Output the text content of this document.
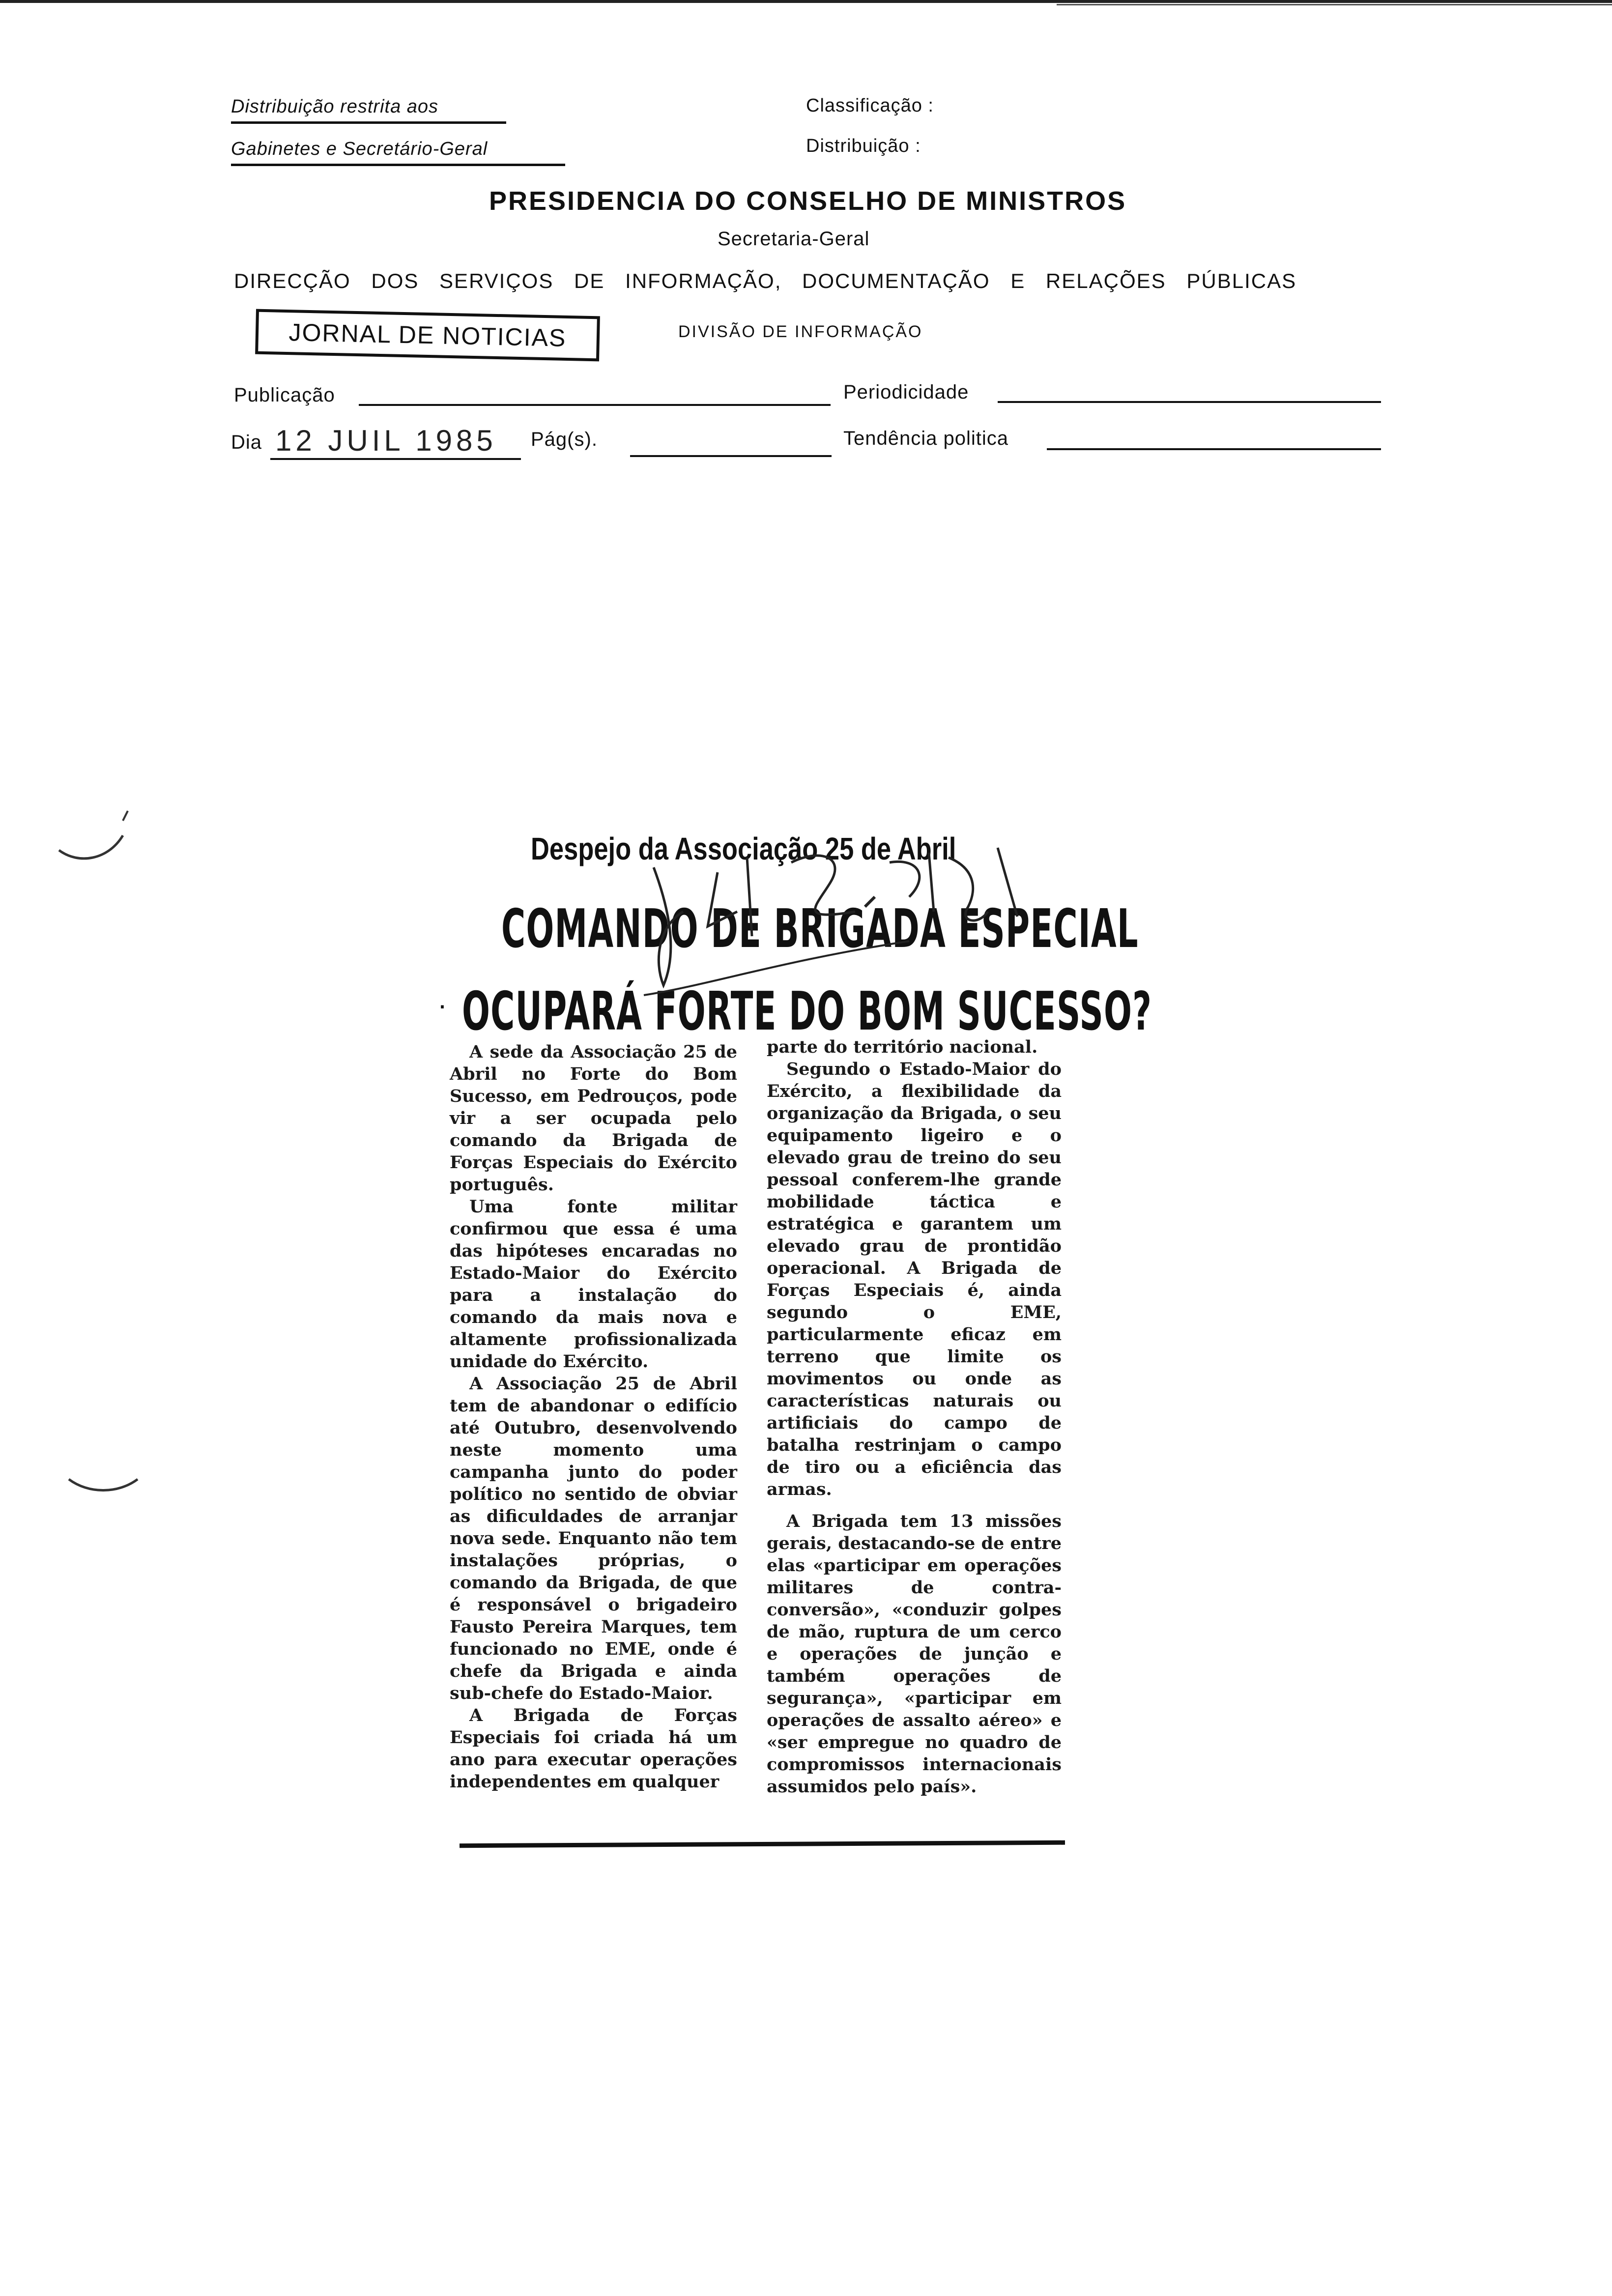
Distribuição restrita aos
Gabinetes e Secretário-Geral
Classificação :
Distribuição :
PRESIDENCIA DO CONSELHO DE MINISTROS
Secretaria-Geral
DIRECÇÃO DOS SERVIÇOS DE INFORMAÇÃO, DOCUMENTAÇÃO E RELAÇÕES PÚBLICAS
JORNAL DE NOTICIAS	DIVISÃO DE INFORMAÇÃO
Publicação	Periodicidade
Dia 12 JUIL 1985 Pág(s).	Tendência politica
Despejo da Associação 25 de Abril
COMANDO DE BRIGADA ESPECIAL
· OCUPARÁ FORTE DO BOM SUCESSO?

A sede da Associação 25 de Abril no Forte do Bom Sucesso, em Pedrouços, pode vir a ser ocupada pelo comando da Brigada de Forças Especiais do Exército português.

Uma fonte militar confirmou que essa é uma das hipóteses encaradas no Estado-Maior do Exército para a instalação do comando da mais nova e altamente profissionalizada unidade do Exército.

A Associação 25 de Abril tem de abandonar o edifício até Outubro, desenvolvendo neste momento uma campanha junto do poder político no sentido de obviar as dificuldades de arranjar nova sede. Enquanto não tem instalações próprias, o comando da Brigada, de que é responsável o brigadeiro Fausto Pereira Marques, tem funcionado no EME, onde é chefe da Brigada e ainda sub-chefe do Estado-Maior.

A Brigada de Forças Especiais foi criada há um ano para executar operações independentes em qualquer

parte do território nacional.

Segundo o Estado-Maior do Exército, a flexibilidade da organização da Brigada, o seu equipamento ligeiro e o elevado grau de treino do seu pessoal conferem-lhe grande mobilidade táctica e estratégica e garantem um elevado grau de prontidão operacional. A Brigada de Forças Especiais é, ainda segundo o EME, particularmente eficaz em terreno que limite os movimentos ou onde as características naturais ou artificiais do campo de batalha restrinjam o campo de tiro ou a eficiência das armas.

A Brigada tem 13 missões gerais, destacando-se de entre elas «participar em operações militares de contra-conversão», «conduzir golpes de mão, ruptura de um cerco e operações de junção e também operações de segurança», «participar em operações de assalto aéreo» e «ser empregue no quadro de compromissos internacionais assumidos pelo país».
